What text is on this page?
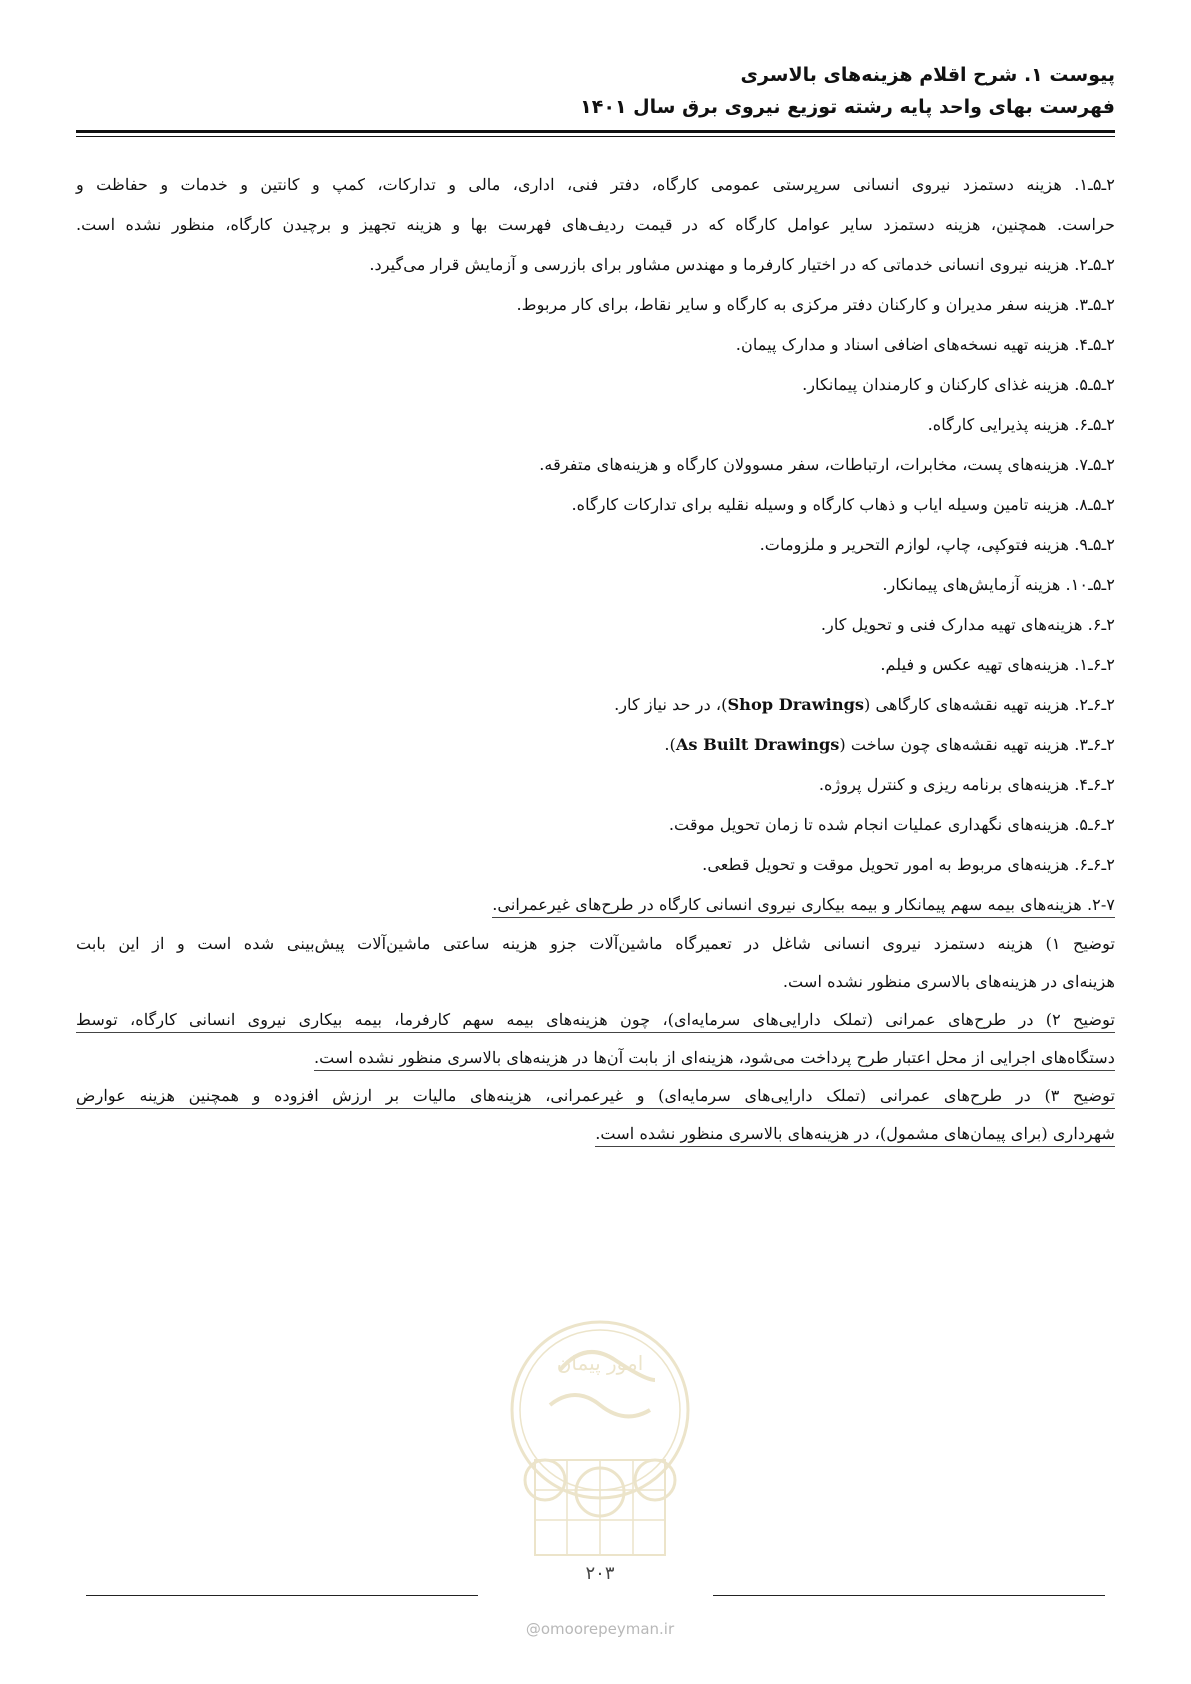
پیوست ۱. شرح اقلام هزینه‌های بالاسری
فهرست بهای واحد پایه رشته توزیع نیروی برق سال ۱۴۰۱
۲ـ۵ـ۱. هزینه دستمزد نیروی انسانی سرپرستی عمومی کارگاه، دفتر فنی، اداری، مالی و تدارکات، کمپ و کانتین و خدمات و حفاظت و
حراست. همچنین، هزینه دستمزد سایر عوامل کارگاه که در قیمت ردیف‌های فهرست بها و هزینه تجهیز و برچیدن کارگاه، منظور نشده است.
۲ـ۵ـ۲. هزینه نیروی انسانی خدماتی که در اختیار کارفرما و مهندس مشاور برای بازرسی و آزمایش قرار می‌گیرد.
۲ـ۵ـ۳. هزینه سفر مدیران و کارکنان دفتر مرکزی به کارگاه و سایر نقاط، برای کار مربوط.
۲ـ۵ـ۴. هزینه تهیه نسخه‌های اضافی اسناد و مدارک پیمان.
۲ـ۵ـ۵. هزینه غذای کارکنان و کارمندان پیمانکار.
۲ـ۵ـ۶. هزینه پذیرایی کارگاه.
۲ـ۵ـ۷. هزینه‌های پست، مخابرات، ارتباطات، سفر مسوولان کارگاه و هزینه‌های متفرقه.
۲ـ۵ـ۸. هزینه تامین وسیله ایاب و ذهاب کارگاه و وسیله نقلیه برای تدارکات کارگاه.
۲ـ۵ـ۹. هزینه فتوکپی، چاپ، لوازم التحریر و ملزومات.
۲ـ۵ـ۱۰. هزینه آزمایش‌های پیمانکار.
۲ـ۶. هزینه‌های تهیه مدارک فنی و تحویل کار.
۲ـ۶ـ۱. هزینه‌های تهیه عکس و فیلم.
۲ـ۶ـ۲. هزینه تهیه نقشه‌های کارگاهی (Shop Drawings)، در حد نیاز کار.
۲ـ۶ـ۳. هزینه تهیه نقشه‌های چون ساخت (As Built Drawings).
۲ـ۶ـ۴. هزینه‌های برنامه ریزی و کنترل پروژه.
۲ـ۶ـ۵. هزینه‌های نگهداری عملیات انجام شده تا زمان تحویل موقت.
۲ـ۶ـ۶. هزینه‌های مربوط به امور تحویل موقت و تحویل قطعی.
۲-۷. هزینه‌های بیمه سهم پیمانکار و بیمه بیکاری نیروی انسانی کارگاه در طرح‌های غیرعمرانی.
توضیح ۱) هزینه دستمزد نیروی انسانی شاغل در تعمیرگاه ماشین‌آلات جزو هزینه ساعتی ماشین‌آلات پیش‌بینی شده است و از این بابت
هزینه‌ای در هزینه‌های بالاسری منظور نشده است.
توضیح ۲) در طرح‌های عمرانی (تملک دارایی‌های سرمایه‌ای)، چون هزینه‌های بیمه سهم کارفرما، بیمه بیکاری نیروی انسانی کارگاه، توسط
دستگاه‌های اجرایی از محل اعتبار طرح پرداخت می‌شود، هزینه‌ای از بابت آن‌ها در هزینه‌های بالاسری منظور نشده است.
توضیح ۳) در طرح‌های عمرانی (تملک دارایی‌های سرمایه‌ای) و غیرعمرانی، هزینه‌های مالیات بر ارزش افزوده و همچنین هزینه عوارض
شهرداری (برای پیمان‌های مشمول)، در هزینه‌های بالاسری منظور نشده است.
امور پیمان
۲۰۳
@omoorepeyman.ir
